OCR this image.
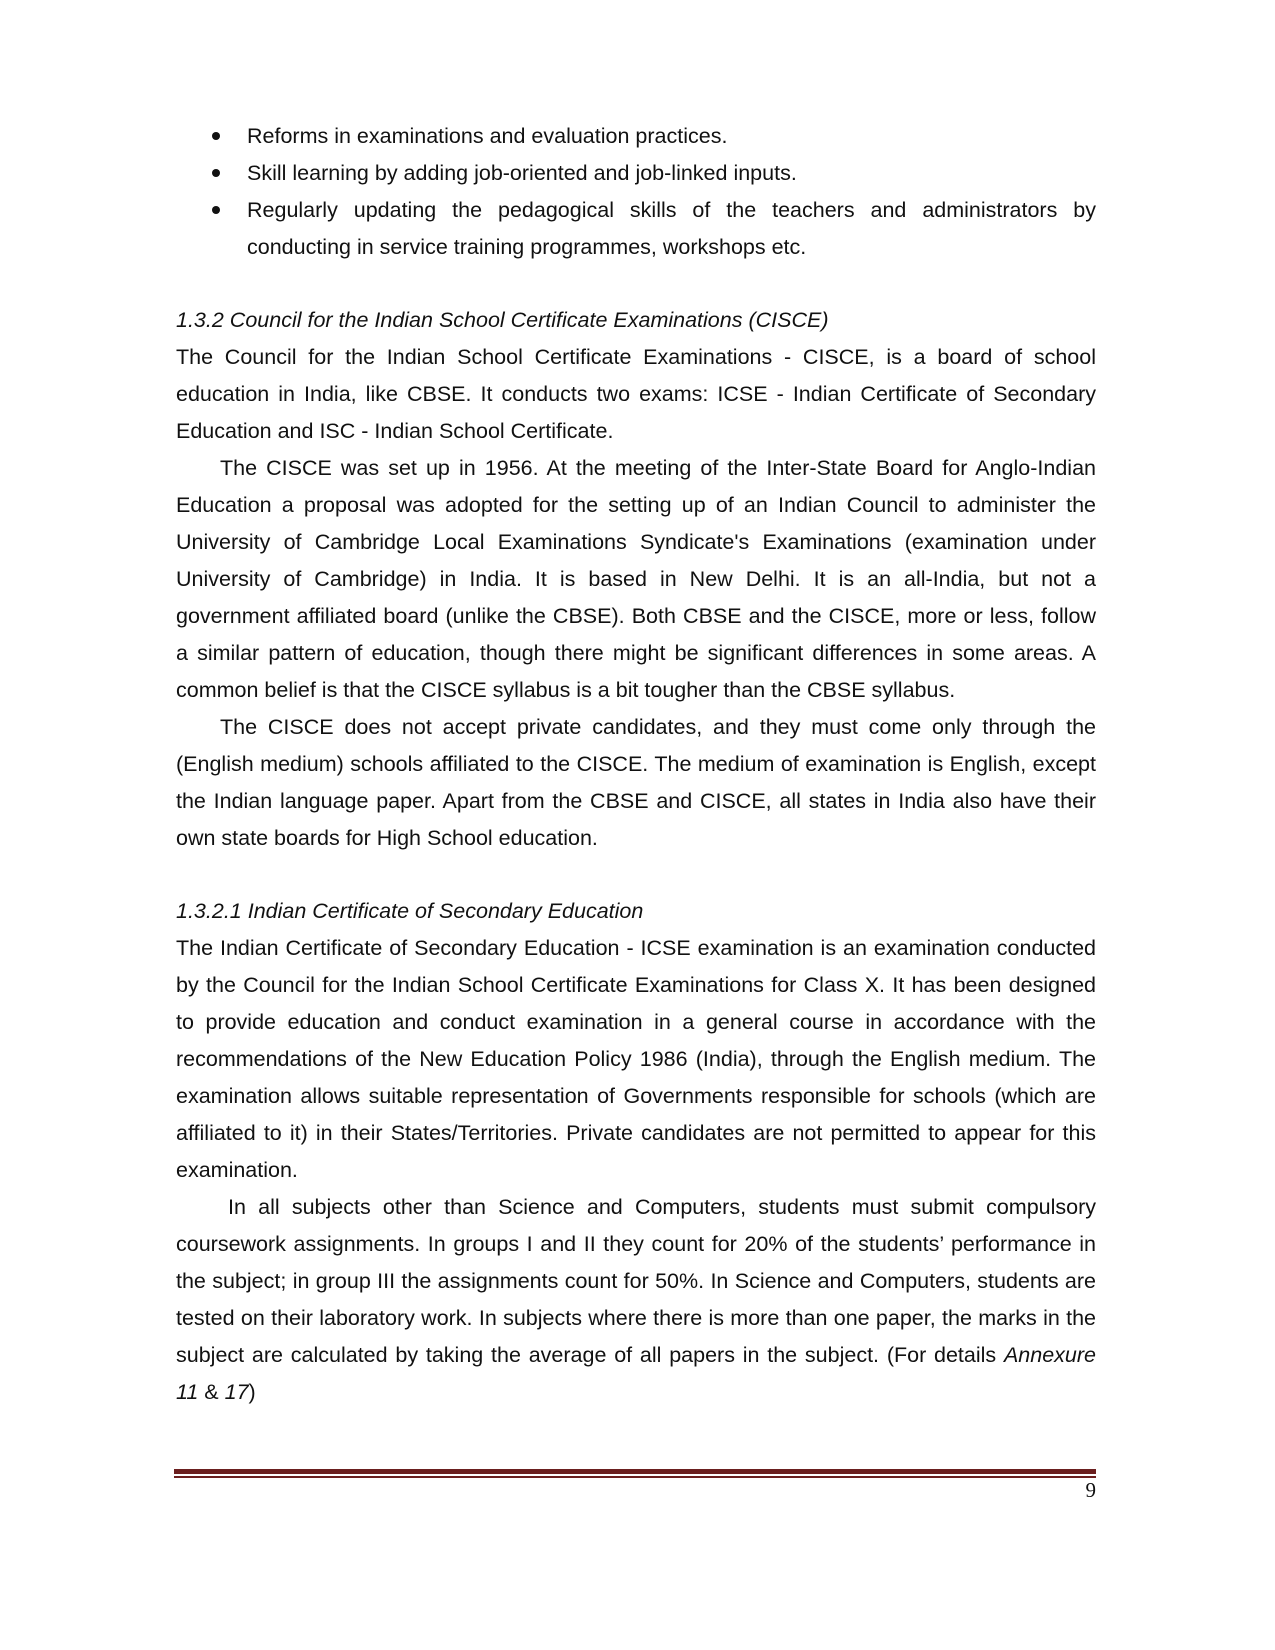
Reforms in examinations and evaluation practices.
Skill learning by adding job-oriented and job-linked inputs.
Regularly updating the pedagogical skills of the teachers and administrators by conducting in service training programmes, workshops etc.
1.3.2 Council for the Indian School Certificate Examinations (CISCE)

The Council for the Indian School Certificate Examinations - CISCE, is a board of school education in India, like CBSE. It conducts two exams: ICSE - Indian Certificate of Secondary Education and ISC - Indian School Certificate.

The CISCE was set up in 1956. At the meeting of the Inter-State Board for Anglo-Indian Education a proposal was adopted for the setting up of an Indian Council to administer the University of Cambridge Local Examinations Syndicate's Examinations (examination under University of Cambridge) in India. It is based in New Delhi. It is an all-India, but not a government affiliated board (unlike the CBSE). Both CBSE and the CISCE, more or less, follow a similar pattern of education, though there might be significant differences in some areas. A common belief is that the CISCE syllabus is a bit tougher than the CBSE syllabus.

The CISCE does not accept private candidates, and they must come only through the (English medium) schools affiliated to the CISCE. The medium of examination is English, except the Indian language paper. Apart from the CBSE and CISCE, all states in India also have their own state boards for High School education.

1.3.2.1 Indian Certificate of Secondary Education

The Indian Certificate of Secondary Education - ICSE examination is an examination conducted by the Council for the Indian School Certificate Examinations for Class X. It has been designed to provide education and conduct examination in a general course in accordance with the recommendations of the New Education Policy 1986 (India), through the English medium. The examination allows suitable representation of Governments responsible for schools (which are affiliated to it) in their States/Territories. Private candidates are not permitted to appear for this examination.

In all subjects other than Science and Computers, students must submit compulsory coursework assignments. In groups I and II they count for 20% of the students’ performance in the subject; in group III the assignments count for 50%. In Science and Computers, students are tested on their laboratory work. In subjects where there is more than one paper, the marks in the subject are calculated by taking the average of all papers in the subject. (For details Annexure 11 & 17)

9
